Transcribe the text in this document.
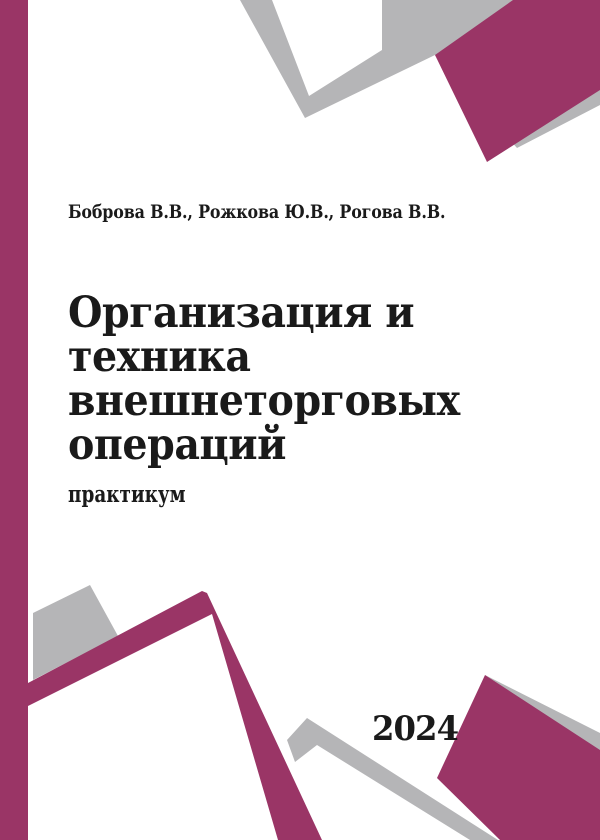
Боброва В.В., Рожкова Ю.В., Рогова В.В.
Организация и техника внешнеторговых операций
практикум
2024
